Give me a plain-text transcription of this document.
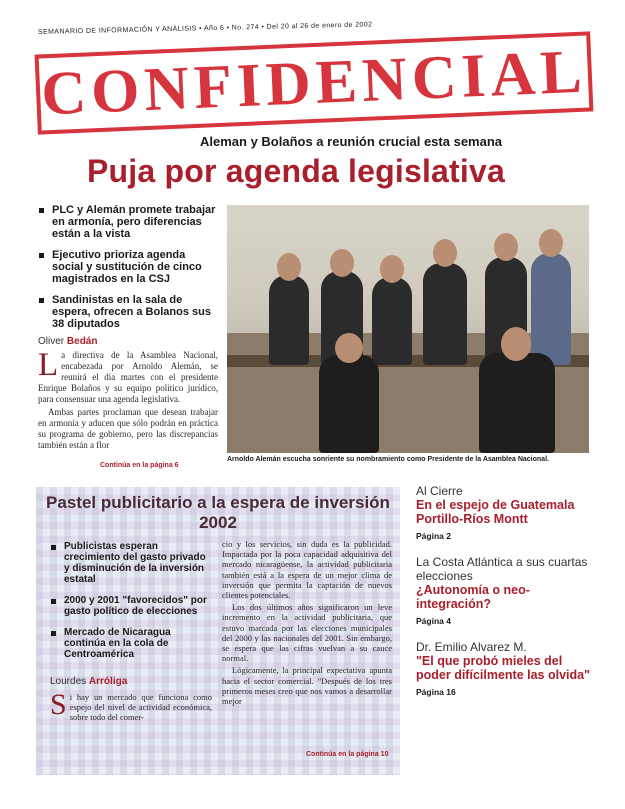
SEMANARIO DE INFORMACIÓN Y ANÁLISIS • Año 6 • No. 274 • Del 20 al 26 de enero de 2002
CONFIDENCIAL
Aleman y Bolaños a reunión crucial esta semana
Puja por agenda legislativa
PLC y Alemán promete trabajar en armonía, pero diferencias están a la vista
Ejecutivo prioriza agenda social y sustitución de cinco magistrados en la CSJ
Sandinistas en la sala de espera, ofrecen a Bolanos sus 38 diputados
Oliver Bedán

La directiva de la Asamblea Nacional, encabezada por Arnoldo Alemán, se reunirá el día martes con el presidente Enrique Bolaños y su equipo político jurídico, para consensuar una agenda legislativa.

Ambas partes proclaman que desean trabajar en armonía y aducen que sólo podrán en práctica su programa de gobierno, pero las discrepancias también están a flor

Continúa en la página 6
Arnoldo Alemán escucha sonriente su nombramiento como Presidente de la Asamblea Nacional.
Pastel publicitario a la espera de inversión 2002
Publicistas esperan crecimiento del gasto privado y disminución de la inversión estatal
2000 y 2001 "favorecidos" por gasto político de elecciones
Mercado de Nicaragua continúa en la cola de Centroamérica

cio y los servicios, sin duda es la publicidad. Impactada por la poca capacidad adquisitiva del mercado nicaragüense, la actividad publicitaria también está a la espera de un mejor clima de inversión que permita la captación de nuevos clientes potenciales.

Los dos últimos años significaron un leve incremento en la actividad publicitaria, que estuvo marcada por las elecciones municipales del 2000 y las nacionales del 2001. Sin embargo, se espera que las cifras vuelvan a su cauce normal.

Lógicamente, la principal expectativa apunta hacia el sector comercial. "Después de los tres primeros meses creo que nos vamos a desarrollar mejor

Continúa en la página 10
Lourdes Arróliga
Si hay un mercado que funciona como espejo del nivel de actividad económica, sobre todo del comer-
Al Cierre
En el espejo de Guatemala Portillo-Ríos Montt
Página 2
La Costa Atlántica a sus cuartas elecciones
¿Autonomía o neo-integración?
Página 4
Dr. Emilio Alvarez M.
"El que probó mieles del poder difícilmente las olvida"
Página 16
